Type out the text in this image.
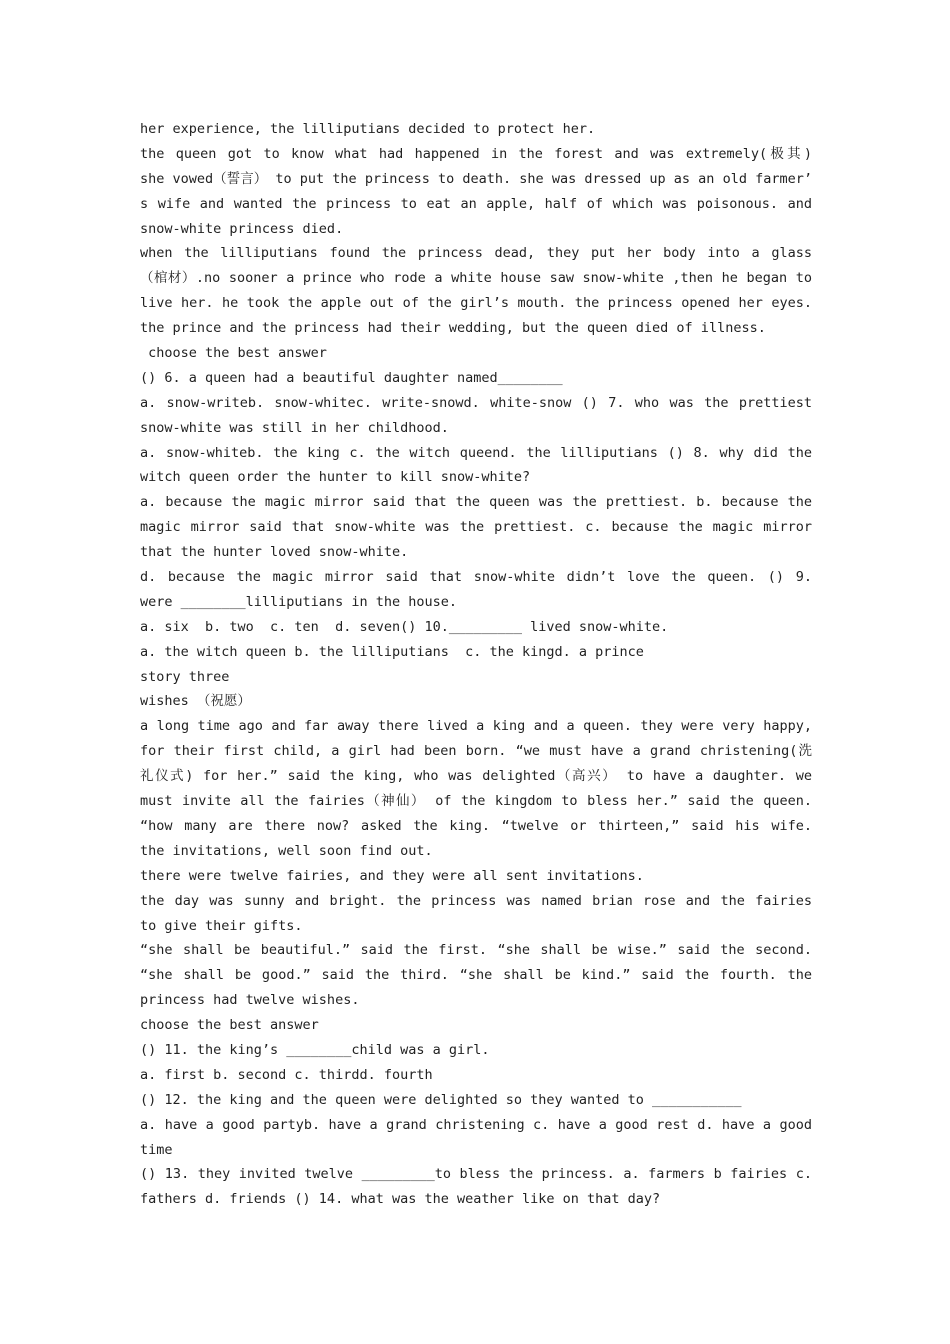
her experience, the lilliputians decided to protect her.
the queen got to know what had happened in the forest and was extremely(极其)
she vowed（誓言） to put the princess to death. she was dressed up as an old farmer’
s wife and wanted the princess to eat an apple, half of which was poisonous. and
snow-white princess died.
when the lilliputians found the princess dead, they put her body into a glass
（棺材）.no sooner a prince who rode a white house saw snow-white ,then he began to
live her. he took the apple out of the girl’s mouth. the princess opened her eyes.
the prince and the princess had their wedding, but the queen died of illness.
choose the best answer
() 6. a queen had a beautiful daughter named________
a. snow-writeb. snow-whitec. write-snowd. white-snow () 7. who was the prettiest
snow-white was still in her childhood.
a. snow-whiteb. the king c. the witch queend. the lilliputians () 8. why did the
witch queen order the hunter to kill snow-white?
a. because the magic mirror said that the queen was the prettiest. b. because the
magic mirror said that snow-white was the prettiest. c. because the magic mirror
that the hunter loved snow-white.
d. because the magic mirror said that snow-white didn’t love the queen. () 9.
were ________lilliputians in the house.
a. six  b. two  c. ten  d. seven() 10._________ lived snow-white.
a. the witch queen b. the lilliputians  c. the kingd. a prince
story three
wishes （祝愿）
a long time ago and far away there lived a king and a queen. they were very happy,
for their first child, a girl had been born. “we must have a grand christening(洗
礼仪式) for her.” said the king, who was delighted（高兴） to have a daughter. we
must invite all the fairies（神仙） of the kingdom to bless her.” said the queen.
“how many are there now? asked the king. “twelve or thirteen,” said his wife.
the invitations, well soon find out.
there were twelve fairies, and they were all sent invitations.
the day was sunny and bright. the princess was named brian rose and the fairies
to give their gifts.
“she shall be beautiful.” said the first. “she shall be wise.” said the second.
“she shall be good.” said the third. “she shall be kind.” said the fourth. the
princess had twelve wishes.
choose the best answer
() 11. the king’s ________child was a girl.
a. first b. second c. thirdd. fourth
() 12. the king and the queen were delighted so they wanted to ___________
a. have a good partyb. have a grand christening c. have a good rest d. have a good
time
() 13. they invited twelve _________to bless the princess. a. farmers b fairies c.
fathers d. friends () 14. what was the weather like on that day?
